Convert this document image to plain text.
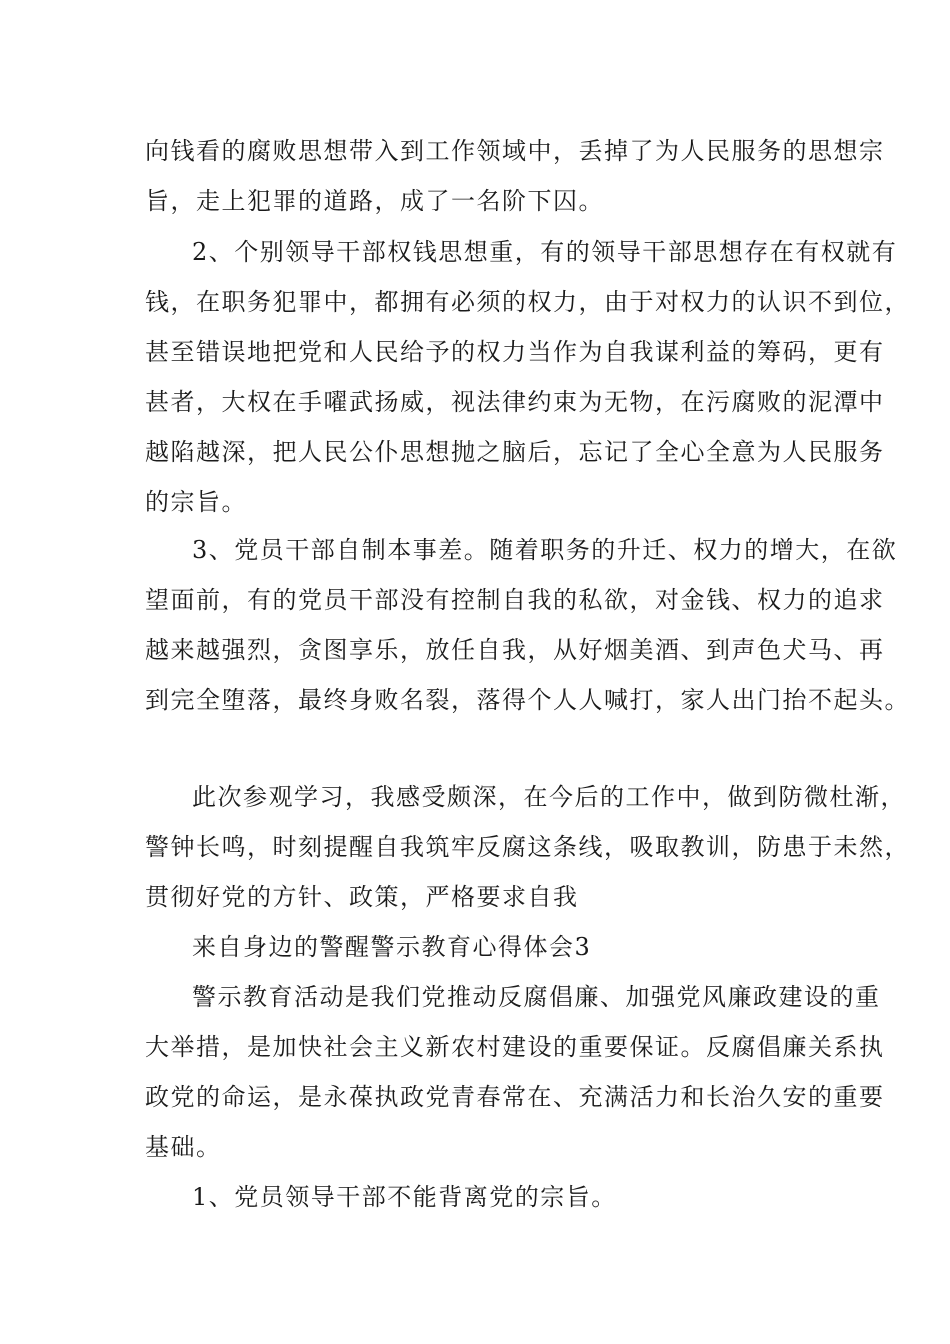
向钱看的腐败思想带入到工作领域中，丢掉了为人民服务的思想宗
旨，走上犯罪的道路，成了一名阶下囚。
2、个别领导干部权钱思想重，有的领导干部思想存在有权就有
钱，在职务犯罪中，都拥有必须的权力，由于对权力的认识不到位，
甚至错误地把党和人民给予的权力当作为自我谋利益的筹码，更有
甚者，大权在手嚁武扬威，视法律约束为无物，在污腐败的泥潭中
越陷越深，把人民公仆思想抛之脑后，忘记了全心全意为人民服务
的宗旨。
3、党员干部自制本事差。随着职务的升迁、权力的增大，在欲
望面前，有的党员干部没有控制自我的私欲，对金钱、权力的追求
越来越强烈，贪图享乐，放任自我，从好烟美酒、到声色犬马、再
到完全堕落，最终身败名裂，落得个人人喊打，家人出门抬不起头。
此次参观学习，我感受颇深，在今后的工作中，做到防微杜渐，
警钟长鸣，时刻提醒自我筑牢反腐这条线，吸取教训，防患于未然，
贯彻好党的方针、政策，严格要求自我
来自身边的警醒警示教育心得体会3
警示教育活动是我们党推动反腐倡廉、加强党风廉政建设的重
大举措，是加快社会主义新农村建设的重要保证。反腐倡廉关系执
政党的命运，是永葆执政党青春常在、充满活力和长治久安的重要
基础。
1、党员领导干部不能背离党的宗旨。
